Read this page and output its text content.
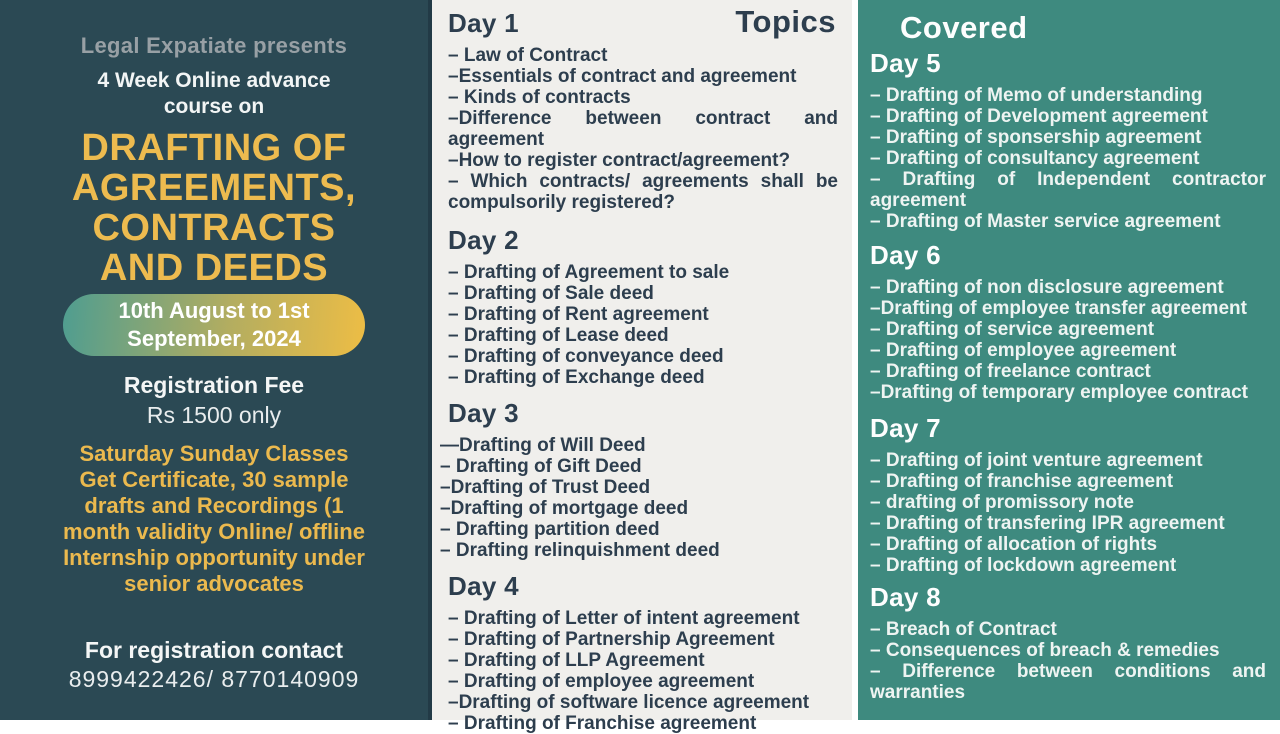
Legal Expatiate presents
4 Week Online advance course on
DRAFTING OF AGREEMENTS, CONTRACTS AND DEEDS
10th August to 1st September, 2024
Registration Fee
Rs 1500 only
Saturday Sunday Classes Get Certificate, 30 sample drafts and Recordings (1 month validity Online/ offline Internship opportunity under senior advocates
For registration contact
8999422426/ 8770140909
Day 1	Topics
– Law of Contract
–Essentials of contract and agreement
– Kinds of contracts
–Difference between contract and agreement
–How to register contract/agreement?
– Which contracts/ agreements shall be compulsorily registered?
Day 2
– Drafting of Agreement to sale
– Drafting of Sale deed
– Drafting of Rent agreement
– Drafting of Lease deed
– Drafting of conveyance deed
– Drafting of Exchange deed
Day 3
—Drafting of Will Deed
– Drafting of Gift Deed
–Drafting of Trust Deed
–Drafting of mortgage deed
– Drafting partition deed
– Drafting relinquishment deed
Day 4
– Drafting of Letter of intent agreement
– Drafting of Partnership Agreement
– Drafting of LLP Agreement
– Drafting of employee agreement
–Drafting of software licence agreement
– Drafting of Franchise agreement
Covered
Day 5
– Drafting of Memo of understanding
– Drafting of Development agreement
– Drafting of sponsership agreement
– Drafting of consultancy agreement
– Drafting of Independent contractor agreement
– Drafting of Master service agreement
Day 6
– Drafting of non disclosure agreement
–Drafting of employee transfer agreement
– Drafting of service agreement
– Drafting of employee agreement
– Drafting of freelance contract
–Drafting of temporary employee contract
Day 7
– Drafting of joint venture agreement
– Drafting of franchise agreement
– drafting of promissory note
– Drafting of transfering IPR agreement
– Drafting of allocation of rights
– Drafting of lockdown agreement
Day 8
– Breach of Contract
– Consequences of breach & remedies
– Difference between conditions and warranties
